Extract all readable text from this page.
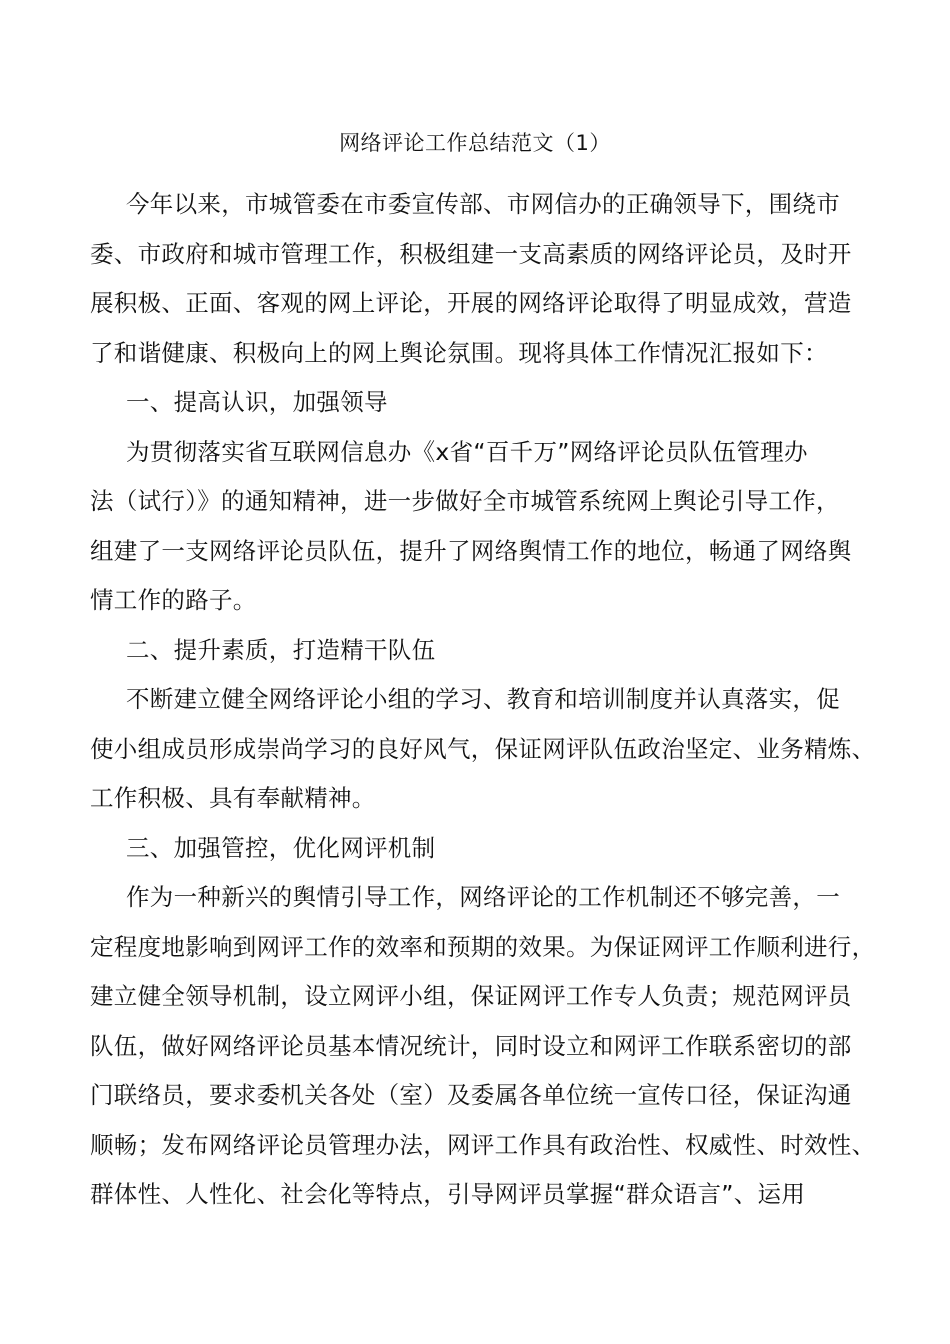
网络评论工作总结范文（1）
今年以来，市城管委在市委宣传部、市网信办的正确领导下，围绕市
委、市政府和城市管理工作，积极组建一支高素质的网络评论员，及时开
展积极、正面、客观的网上评论，开展的网络评论取得了明显成效，营造
了和谐健康、积极向上的网上舆论氛围。现将具体工作情况汇报如下：
一、提高认识，加强领导
为贯彻落实省互联网信息办《x省“百千万”网络评论员队伍管理办
法（试行）》的通知精神，进一步做好全市城管系统网上舆论引导工作，
组建了一支网络评论员队伍，提升了网络舆情工作的地位，畅通了网络舆
情工作的路子。
二、提升素质，打造精干队伍
不断建立健全网络评论小组的学习、教育和培训制度并认真落实，促
使小组成员形成崇尚学习的良好风气，保证网评队伍政治坚定、业务精炼、
工作积极、具有奉献精神。
三、加强管控，优化网评机制
作为一种新兴的舆情引导工作，网络评论的工作机制还不够完善，一
定程度地影响到网评工作的效率和预期的效果。为保证网评工作顺利进行，
建立健全领导机制，设立网评小组，保证网评工作专人负责；规范网评员
队伍，做好网络评论员基本情况统计，同时设立和网评工作联系密切的部
门联络员，要求委机关各处（室）及委属各单位统一宣传口径，保证沟通
顺畅；发布网络评论员管理办法，网评工作具有政治性、权威性、时效性、
群体性、人性化、社会化等特点，引导网评员掌握“群众语言”、运用
